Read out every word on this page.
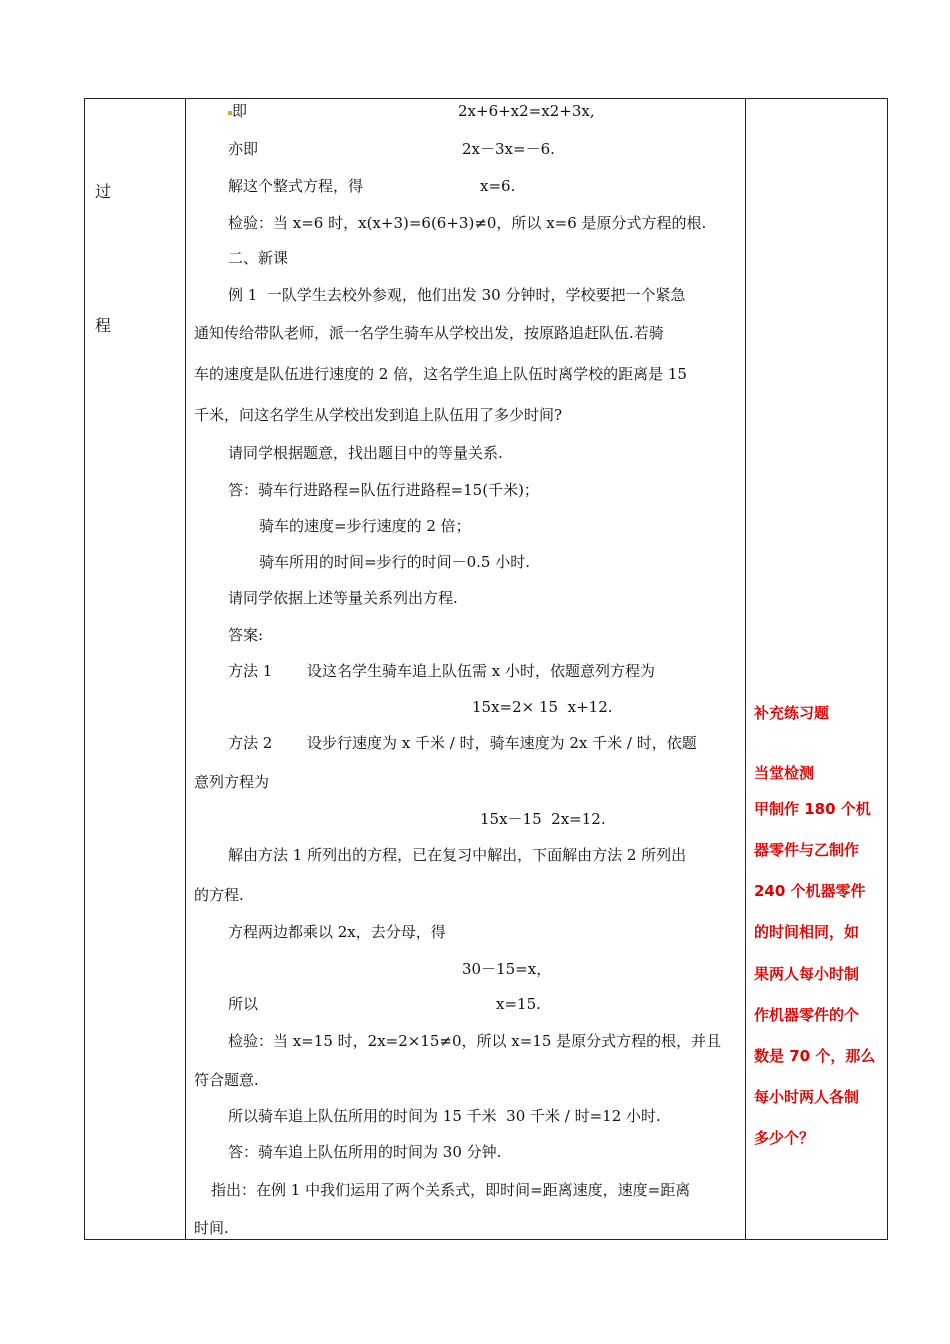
过
程
即	2x+6+x2=x2+3x,
亦即	2x－3x=－6.
解这个整式方程，得	x=6.
检验：当 x=6 时，x(x+3)=6(6+3)≠0，所以 x=6 是原分式方程的根.
二、新课
例 1  一队学生去校外参观，他们出发 30 分钟时，学校要把一个紧急
通知传给带队老师，派一名学生骑车从学校出发，按原路追赶队伍.若骑
车的速度是队伍进行速度的 2 倍，这名学生追上队伍时离学校的距离是 15
千米，问这名学生从学校出发到追上队伍用了多少时间?
请同学根据题意，找出题目中的等量关系.
答：骑车行进路程=队伍行进路程=15(千米)；
骑车的速度=步行速度的 2 倍；
骑车所用的时间=步行的时间－0.5 小时.
请同学依据上述等量关系列出方程.
答案:
方法 1 设这名学生骑车追上队伍需 x 小时，依题意列方程为
15x=2× 15  x+12.
方法 2 设步行速度为 x 千米 / 时，骑车速度为 2x 千米 / 时，依题
意列方程为
15x－15  2x=12.
解由方法 1 所列出的方程，已在复习中解出，下面解由方法 2 所列出
的方程.
方程两边都乘以 2x，去分母，得
30－15=x，
所以	x=15.
检验：当 x=15 时，2x=2×15≠0，所以 x=15 是原分式方程的根，并且
符合题意.
所以骑车追上队伍所用的时间为 15 千米  30 千米 / 时=12 小时.
答：骑车追上队伍所用的时间为 30 分钟.
指出：在例 1 中我们运用了两个关系式，即时间=距离速度，速度=距离
时间.
补充练习题
当堂检测
甲制作 180 个机
器零件与乙制作
240 个机器零件
的时间相同，如
果两人每小时制
作机器零件的个
数是 70 个，那么
每小时两人各制
多少个？
